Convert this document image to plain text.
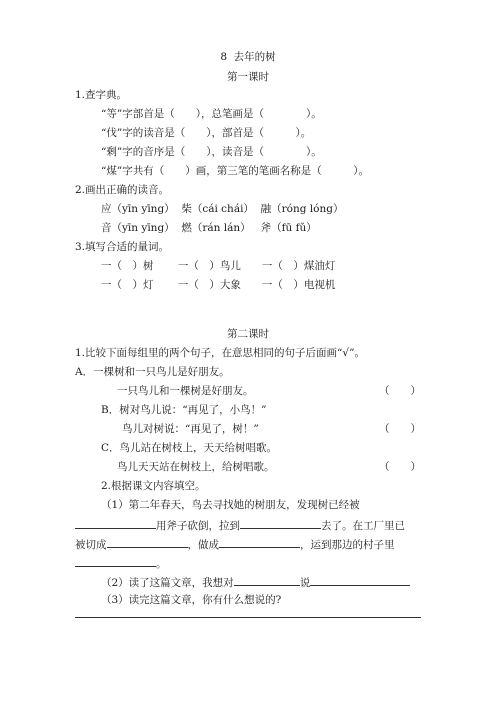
8  去年的树
第一课时
1.查字典。
“等”字部首是（　　），总笔画是（　　　　）。
“伐”字的读音是（　　），部首是（　　　）。
“剩”字的音序是（　　），读音是（　　　　）。
“煤”字共有（　　）画，第三笔的笔画名称是（　　　）。
2.画出正确的读音。
应（yīn yīng）  柴（cái chái）  融（róng lóng）
音（yīn yīng）  燃（rán lán）   斧（fū fǔ）
3.填写合适的量词。
一（　）树　　 一（　）鸟儿　　一（　）煤油灯
一（　）灯　　 一（　）大象　　一（　）电视机
第二课时
1.比较下面每组里的两个句子，在意思相同的句子后面画“√”。
A．一棵树和一只鸟儿是好朋友。
一只鸟儿和一棵树是好朋友。	（　　）
B．树对鸟儿说：“再见了，小鸟！”
鸟儿对树说：“再见了，树！”	（　　）
C．鸟儿站在树枝上，天天给树唱歌。
鸟儿天天站在树枝上，给树唱歌。	（　　）
2.根据课文内容填空。
（1）第二年春天，鸟去寻找她的树朋友，发现树已经被
用斧子砍倒，拉到	去了。在工厂里已
被切成	，做成	，运到那边的村子里
。
（2）读了这篇文章，我想对	说
（3）读完这篇文章，你有什么想说的?
